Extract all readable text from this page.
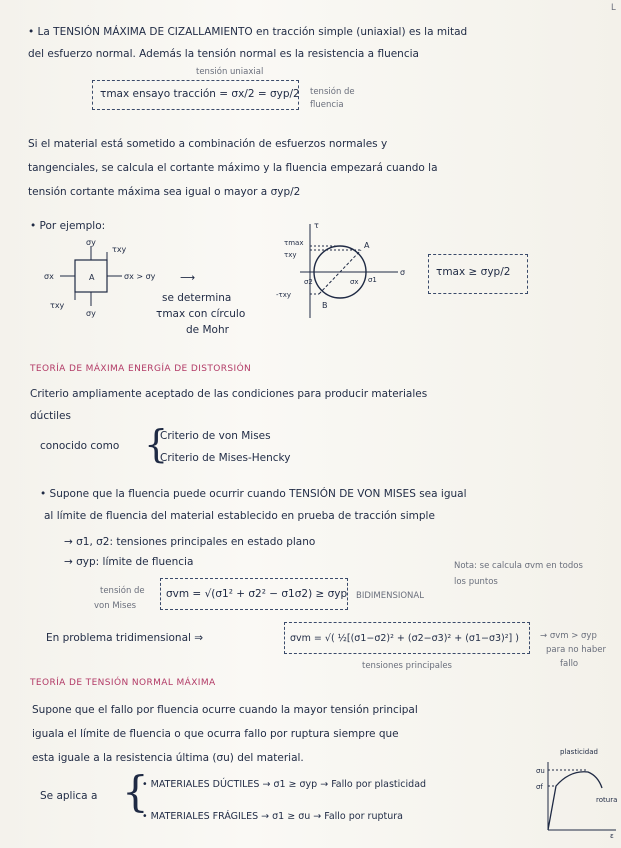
L
• La TENSIÓN MÁXIMA DE CIZALLAMIENTO en tracción simple (uniaxial) es la mitad
del esfuerzo normal. Además la tensión normal es la resistencia a fluencia
tensión uniaxial
τmax ensayo tracción = σx/2 = σyp/2 tensión de fluencia
Si el material está sometido a combinación de esfuerzos normales y
tangenciales, se calcula el cortante máximo y la fluencia empezará cuando la
tensión cortante máxima sea igual o mayor a σyp/2
• Por ejemplo:
σy
σx
τxy
τxy
σy
A	σx > σy ⟶
se determina
τmax con círculo
de Mohr
τ
σ
τmax
τxy
-τxy
A
B
σ1
σ2	σx
τmax ≥ σyp/2
TEORÍA DE MÁXIMA ENERGÍA DE DISTORSIÓN
Criterio ampliamente aceptado de las condiciones para producir materiales
dúctiles
conocido como {
Criterio de von Mises
Criterio de Mises-Hencky
• Supone que la fluencia puede ocurrir cuando TENSIÓN DE VON MISES sea igual
al límite de fluencia del material establecido en prueba de tracción simple
→ σ1, σ2: tensiones principales en estado plano
→ σyp: límite de fluencia	Nota: se calcula σvm en todos
los puntos
tensión de
von Mises
σvm = √(σ1² + σ2² − σ1σ2) ≥ σyp BIDIMENSIONAL
En problema tridimensional ⇒	σvm = √( ½[(σ1−σ2)² + (σ2−σ3)² + (σ1−σ3)²] ) → σvm > σyp
para no haber
fallo
tensiones principales
TEORÍA DE TENSIÓN NORMAL MÁXIMA
Supone que el fallo por fluencia ocurre cuando la mayor tensión principal
iguala el límite de fluencia o que ocurra fallo por ruptura siempre que
esta iguale a la resistencia última (σu) del material.
Se aplica a {
• MATERIALES DÚCTILES → σ1 ≥ σyp → Fallo por plasticidad
• MATERIALES FRÁGILES → σ1 ≥ σu → Fallo por ruptura
plasticidad
σu
σf
rotura
ε
